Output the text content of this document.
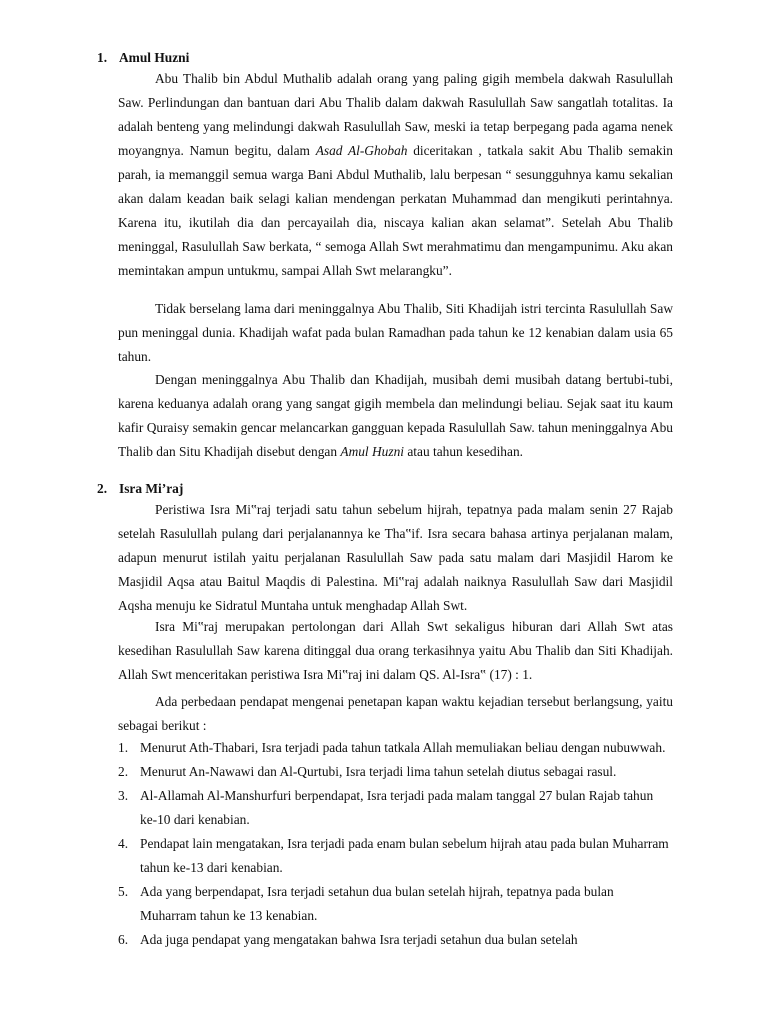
1. Amul Huzni

Abu Thalib bin Abdul Muthalib adalah orang yang paling gigih membela dakwah Rasulullah Saw. Perlindungan dan bantuan dari Abu Thalib dalam dakwah Rasulullah Saw sangatlah totalitas. Ia adalah benteng yang melindungi dakwah Rasulullah Saw, meski ia tetap berpegang pada agama nenek moyangnya. Namun begitu, dalam Asad Al-Ghobah diceritakan , tatkala sakit Abu Thalib semakin parah, ia memanggil semua warga Bani Abdul Muthalib, lalu berpesan “ sesungguhnya kamu sekalian akan dalam keadan baik selagi kalian mendengan perkatan Muhammad dan mengikuti perintahnya. Karena itu, ikutilah dia dan percayailah dia, niscaya kalian akan selamat”. Setelah Abu Thalib meninggal, Rasulullah Saw berkata, “ semoga Allah Swt merahmatimu dan mengampunimu. Aku akan memintakan ampun untukmu, sampai Allah Swt melarangku”.

Tidak berselang lama dari meninggalnya Abu Thalib, Siti Khadijah istri tercinta Rasulullah Saw pun meninggal dunia. Khadijah wafat pada bulan Ramadhan pada tahun ke 12 kenabian dalam usia 65 tahun.

Dengan meninggalnya Abu Thalib dan Khadijah, musibah demi musibah datang bertubi-tubi, karena keduanya adalah orang yang sangat gigih membela dan melindungi beliau. Sejak saat itu kaum kafir Quraisy semakin gencar melancarkan gangguan kepada Rasulullah Saw. tahun meninggalnya Abu Thalib dan Situ Khadijah disebut dengan Amul Huzni atau tahun kesedihan.

2. Isra Mi’raj

Peristiwa Isra Mi‟raj terjadi satu tahun sebelum hijrah, tepatnya pada malam senin 27 Rajab setelah Rasulullah pulang dari perjalanannya ke Tha‟if. Isra secara bahasa artinya perjalanan malam, adapun menurut istilah yaitu perjalanan Rasulullah Saw pada satu malam dari Masjidil Harom ke Masjidil Aqsa atau Baitul Maqdis di Palestina. Mi‟raj adalah naiknya Rasulullah Saw dari Masjidil Aqsha menuju ke Sidratul Muntaha untuk menghadap Allah Swt.

Isra Mi‟raj merupakan pertolongan dari Allah Swt sekaligus hiburan dari Allah Swt atas kesedihan Rasulullah Saw karena ditinggal dua orang terkasihnya yaitu Abu Thalib dan Siti Khadijah. Allah Swt menceritakan peristiwa Isra Mi‟raj ini dalam QS. Al-Isra‟ (17) : 1.

Ada perbedaan pendapat mengenai penetapan kapan waktu kejadian tersebut berlangsung, yaitu sebagai berikut :

1. Menurut Ath-Thabari, Isra terjadi pada tahun tatkala Allah memuliakan beliau dengan nubuwwah.
2. Menurut An-Nawawi dan Al-Qurtubi, Isra terjadi lima tahun setelah diutus sebagai rasul.
3. Al-Allamah Al-Manshurfuri berpendapat, Isra terjadi pada malam tanggal 27 bulan Rajab tahun ke-10 dari kenabian.
4. Pendapat lain mengatakan, Isra terjadi pada enam bulan sebelum hijrah atau pada bulan Muharram tahun ke-13 dari kenabian.
5. Ada yang berpendapat, Isra terjadi setahun dua bulan setelah hijrah, tepatnya pada bulan Muharram tahun ke 13 kenabian.
6. Ada juga pendapat yang mengatakan bahwa Isra terjadi setahun dua bulan setelah
